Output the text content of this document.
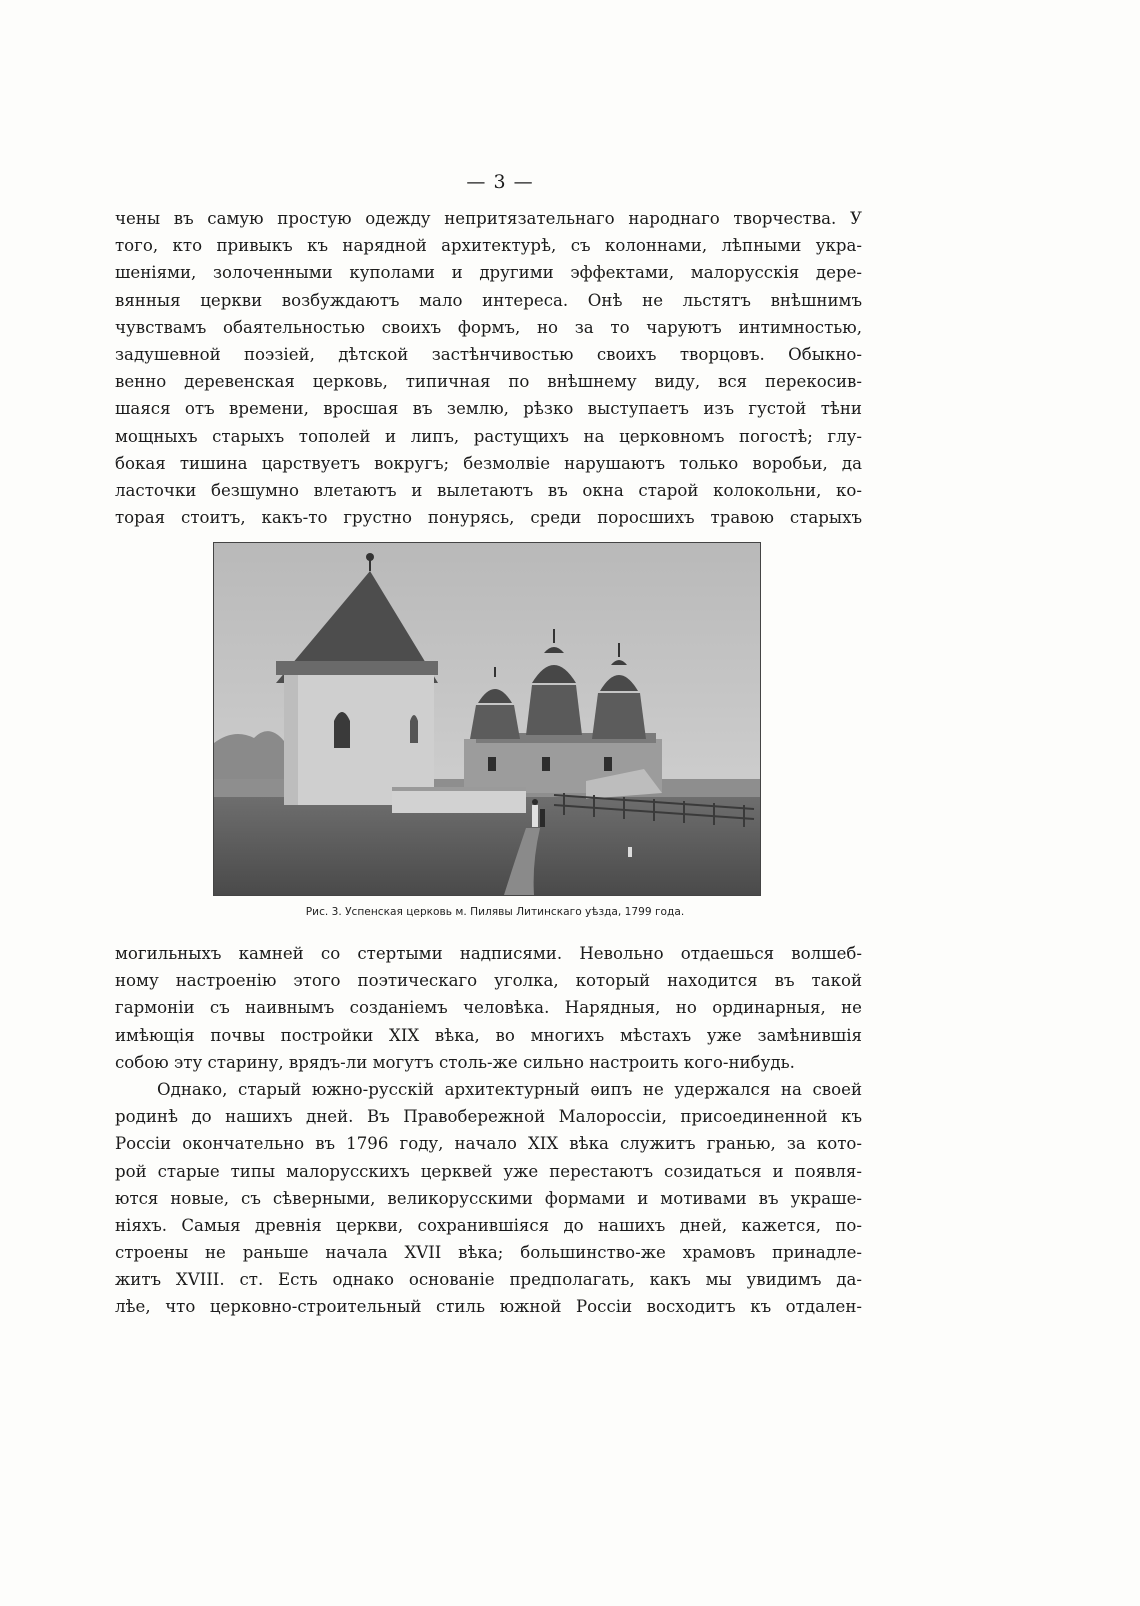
— 3 —
чены въ самую простую одежду непритязательнаго народнаго творчества. У
того, кто привыкъ къ нарядной архитектурѣ, съ колоннами, лѣпными укра-
шеніями, золоченными куполами и другими эффектами, малорусскія дере-
вянныя церкви возбуждаютъ мало интереса. Онѣ не льстятъ внѣшнимъ
чувствамъ обаятельностью своихъ формъ, но за то чаруютъ интимностью,
задушевной поэзіей, дѣтской застѣнчивостью своихъ творцовъ. Обыкно-
венно деревенская церковь, типичная по внѣшнему виду, вся перекосив-
шаяся отъ времени, вросшая въ землю, рѣзко выступаетъ изъ густой тѣни
мощныхъ старыхъ тополей и липъ, растущихъ на церковномъ погостѣ; глу-
бокая тишина царствуетъ вокругъ; безмолвіе нарушаютъ только воробьи, да
ласточки безшумно влетаютъ и вылетаютъ въ окна старой колокольни, ко-
торая стоитъ, какъ-то грустно понурясь, среди поросшихъ травою старыхъ
Рис. 3. Успенская церковь м. Пилявы Литинскаго уѣзда, 1799 года.
могильныхъ камней со стертыми надписями. Невольно отдаешься волшеб-
ному настроенію этого поэтическаго уголка, который находится въ такой
гармоніи съ наивнымъ созданіемъ человѣка. Нарядныя, но ординарныя, не
имѣющія почвы постройки XIX вѣка, во многихъ мѣстахъ уже замѣнившія
собою эту старину, врядъ-ли могутъ столь-же сильно настроить кого-нибудь.
Однако, старый южно-русскій архитектурный ѳипъ не удержался на своей
родинѣ до нашихъ дней. Въ Правобережной Малороссіи, присоединенной къ
Россіи окончательно въ 1796 году, начало XIX вѣка служитъ гранью, за кото-
рой старые типы малорусскихъ церквей уже перестаютъ созидаться и появля-
ются новые, съ сѣверными, великорусскими формами и мотивами въ украше-
ніяхъ. Самыя древнія церкви, сохранившіяся до нашихъ дней, кажется, по-
строены не раньше начала XVII вѣка; большинство-же храмовъ принадле-
житъ XVIII. ст. Есть однако основаніе предполагать, какъ мы увидимъ да-
лѣе, что церковно-строительный стиль южной Россіи восходитъ къ отдален-
